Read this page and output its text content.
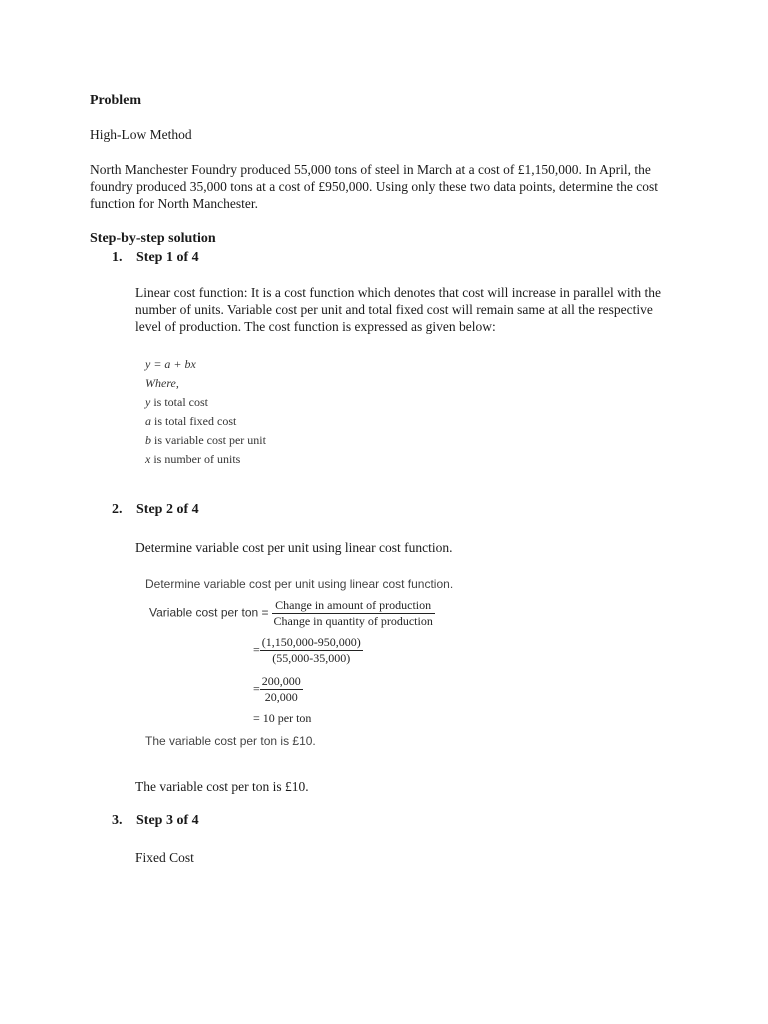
Problem
High-Low Method
North Manchester Foundry produced 55,000 tons of steel in March at a cost of £1,150,000. In April, the foundry produced 35,000 tons at a cost of £950,000. Using only these two data points, determine the cost function for North Manchester.
Step-by-step solution
1. Step 1 of 4
Linear cost function: It is a cost function which denotes that cost will increase in parallel with the number of units. Variable cost per unit and total fixed cost will remain same at all the respective level of production. The cost function is expressed as given below:
y = a + bx
Where,
y is total cost
a is total fixed cost
b is variable cost per unit
x is number of units
2. Step 2 of 4
Determine variable cost per unit using linear cost function.
Determine variable cost per unit using linear cost function.
Variable cost per ton = $\frac{\text{Change in amount of production}}{\text{Change in quantity of production}}$
= $\frac{(1,150,000-950,000)}{(55,000-35,000)}$
= $\frac{200,000}{20,000}$
= 10 per ton
The variable cost per ton is £10.
The variable cost per ton is £10.
3. Step 3 of 4
Fixed Cost
